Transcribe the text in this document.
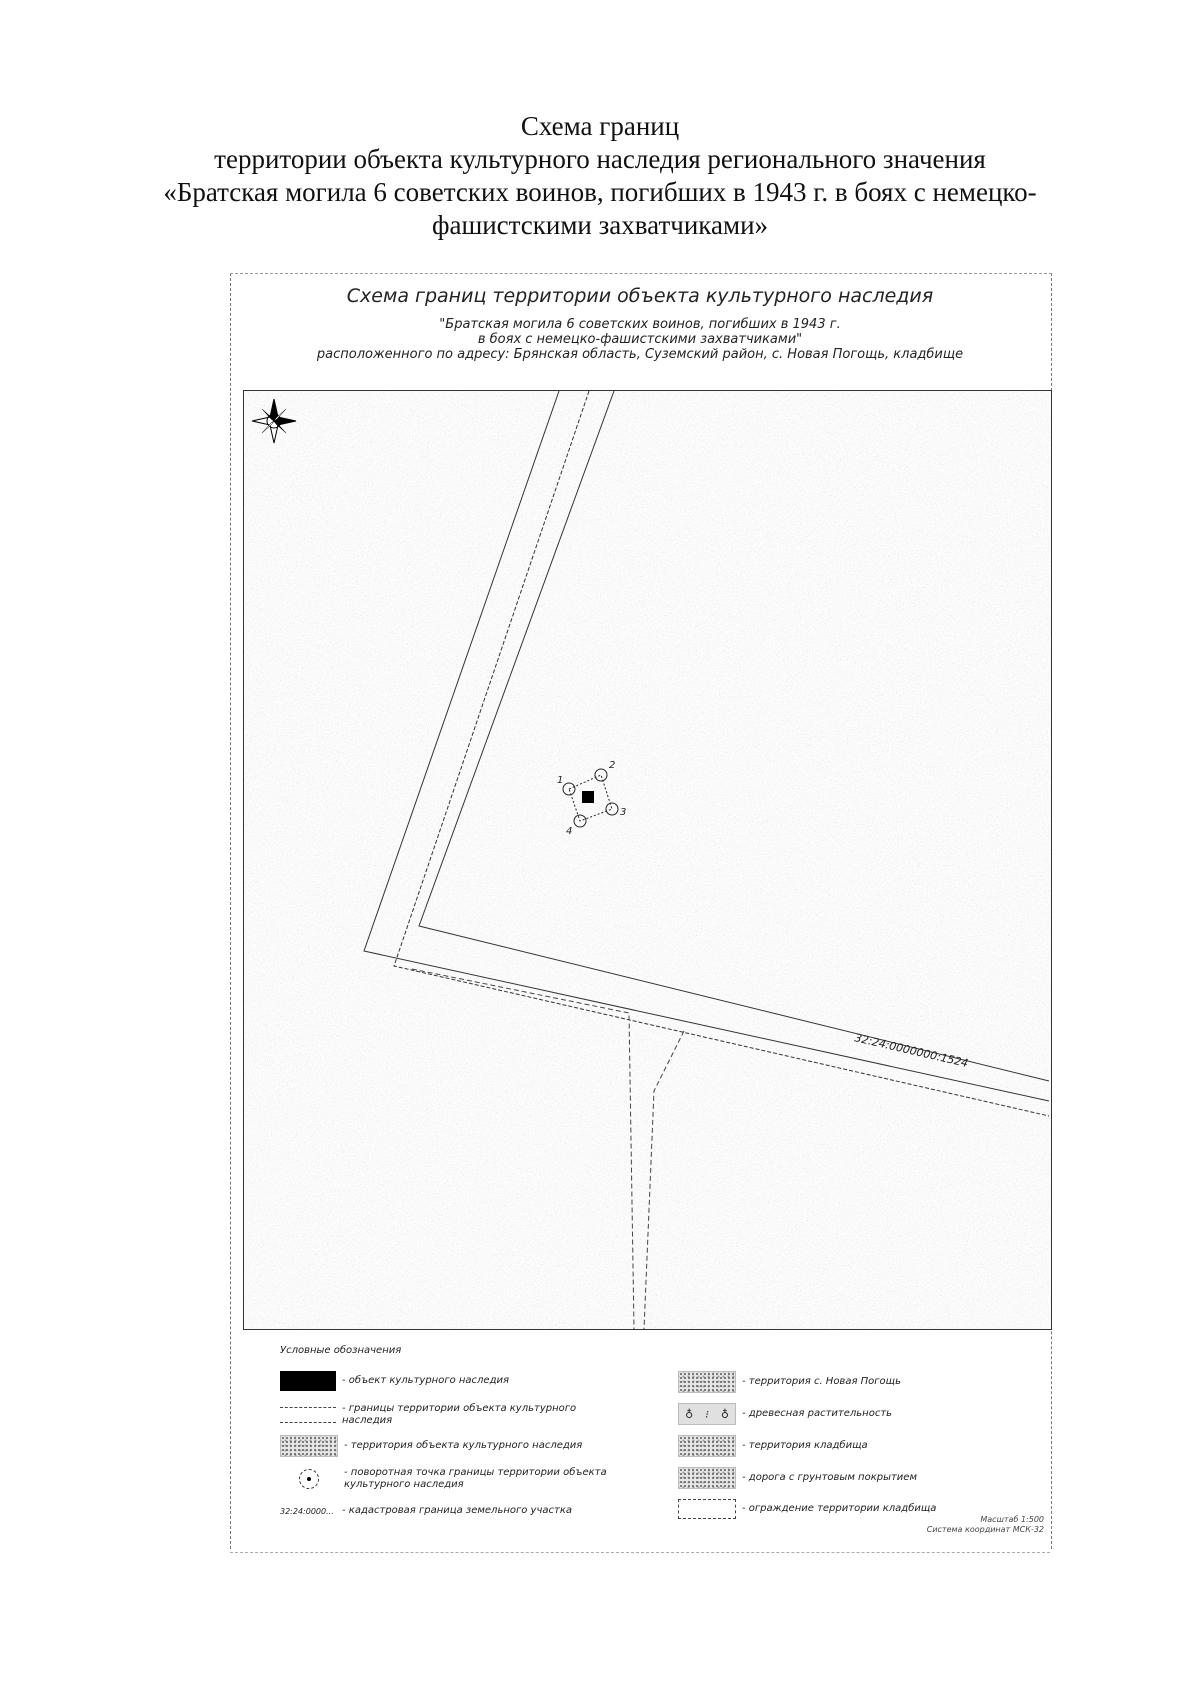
Схема границ
территории объекта культурного наследия регионального значения
«Братская могила 6 советских воинов, погибших в 1943 г. в боях с немецко-
фашистскими захватчиками»
Схема границ территории объекта культурного наследия
"Братская могила 6 советских воинов, погибших в 1943 г.
в боях с немецко-фашистскими захватчиками"
расположенного по адресу: Брянская область, Суземский район, с. Новая Погощь, кладбище
1
2
3
4
32:24:0000000:1524
Условные обозначения
- объект культурного наследия
- границы территории объекта культурного наследия
- территория объекта культурного наследия
- поворотная точка границы территории объекта культурного наследия
32:24:0000... - кадастровая граница земельного участка
- территория с. Новая Погощь
♁ ⁝ ♁ - древесная растительность
- территория кладбища
- дорога с грунтовым покрытием
- ограждение территории кладбища
Масштаб 1:500
Система координат МСК-32
